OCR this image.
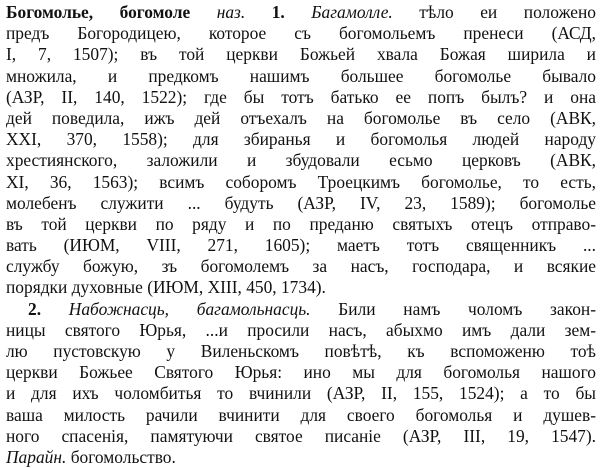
Богомолье, богомоле наз. 1. Багамолле. тѣло еи положено
предъ Богородицею, которое съ богомольемъ пренеси (АСД,
I, 7, 1507); въ той церкви Божьей хвала Божая ширила и
множила, и предкомъ нашимъ большее богомолье бывало
(АЗР, II, 140, 1522); где бы тотъ батько ее попъ былъ? и она
дей поведила, ижъ дей отъехалъ на богомолье въ село (АВК,
XXI, 370, 1558); для збиранья и богомолья людей народу
хрестиянского, заложили и збудовали есьмо церковъ (АВК,
XI, 36, 1563); всимъ соборомъ Троецкимъ богомолье, то есть,
молебенъ служити ... будуть (АЗР, IV, 23, 1589); богомолье
въ той церкви по ряду и по преданю святыхъ отецъ отправо-
вать (ИЮМ, VIII, 271, 1605); маетъ тотъ священникъ ...
службу божую, зъ богомолемъ за насъ, господара, и всякие
порядки духовные (ИЮМ, XIII, 450, 1734).
2. Набожнасць, багамольнасць. Били намъ чоломъ закон-
ницы святого Юрья, ...и просили насъ, абыхмо имъ дали зем-
лю пустовскую у Виленьскомъ повѣтѣ, къ вспоможеню тоѣ
церкви Божьее Святого Юрья: ино мы для богомолья нашого
и для ихъ чоломбитья то вчинили (АЗР, II, 155, 1524); а то бы
ваша милость рачили вчинити для своего богомолья и душев-
ного спасенія, памятуючи святое писаніе (АЗР, III, 19, 1547).
Парайн. богомольство.
